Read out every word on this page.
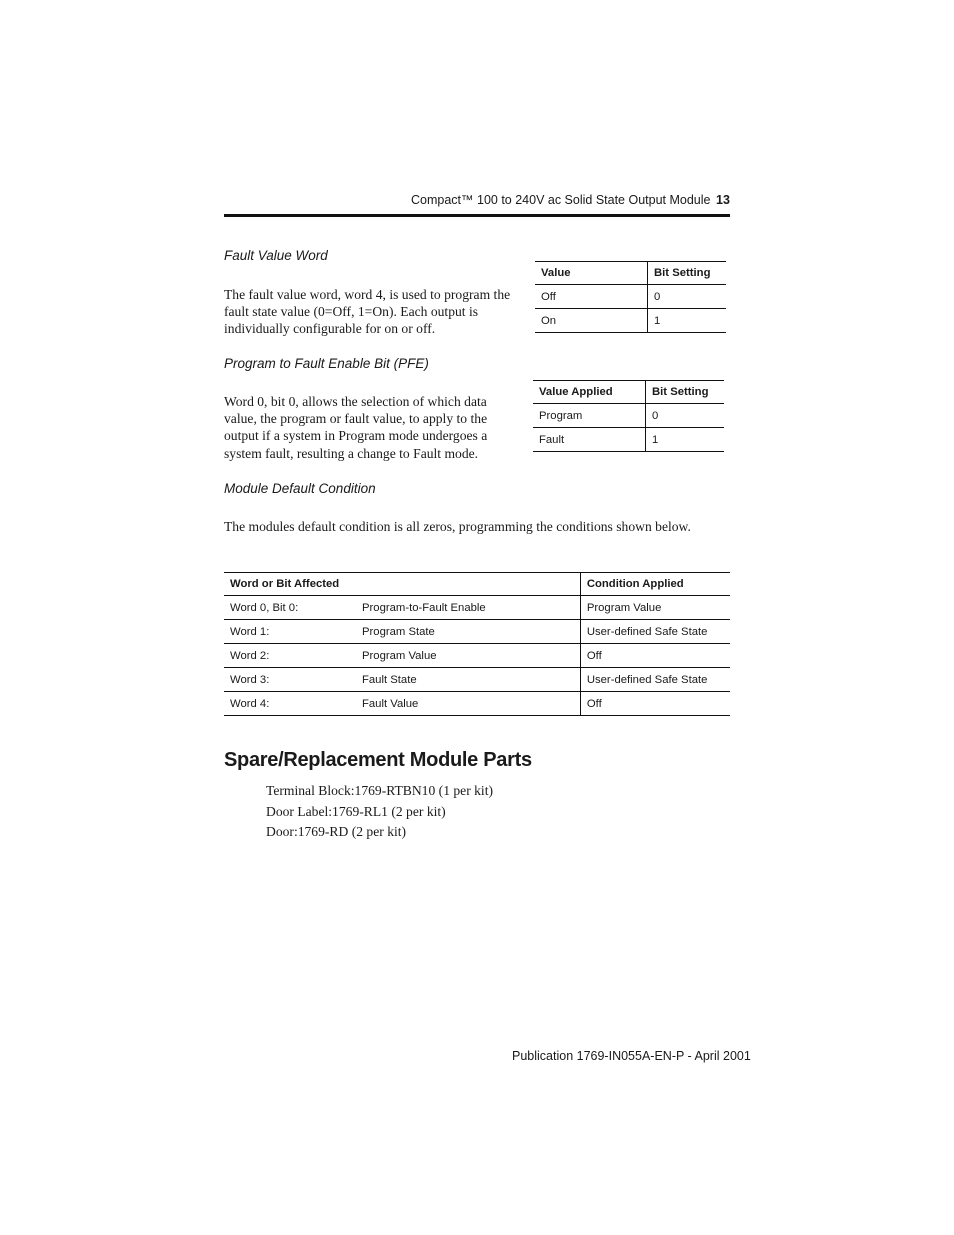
Compact™ 100 to 240V ac Solid State Output Module 13
Fault Value Word
The fault value word, word 4, is used to program the fault state value (0=Off, 1=On). Each output is individually configurable for on or off.
Value	Bit Setting
Off	0
On	1
Program to Fault Enable Bit (PFE)
Word 0, bit 0, allows the selection of which data value, the program or fault value, to apply to the output if a system in Program mode undergoes a system fault, resulting a change to Fault mode.
Value Applied	Bit Setting
Program	0
Fault	1
Module Default Condition
The modules default condition is all zeros, programming the conditions shown below.
Word or Bit Affected		Condition Applied
Word 0, Bit 0:	Program-to-Fault Enable	Program Value
Word 1:	Program State	User-defined Safe State
Word 2:	Program Value	Off
Word 3:	Fault State	User-defined Safe State
Word 4:	Fault Value	Off
Spare/Replacement Module Parts
Terminal Block:1769-RTBN10 (1 per kit)
Door Label:1769-RL1 (2 per kit)
Door:1769-RD (2 per kit)
Publication 1769-IN055A-EN-P - April 2001
